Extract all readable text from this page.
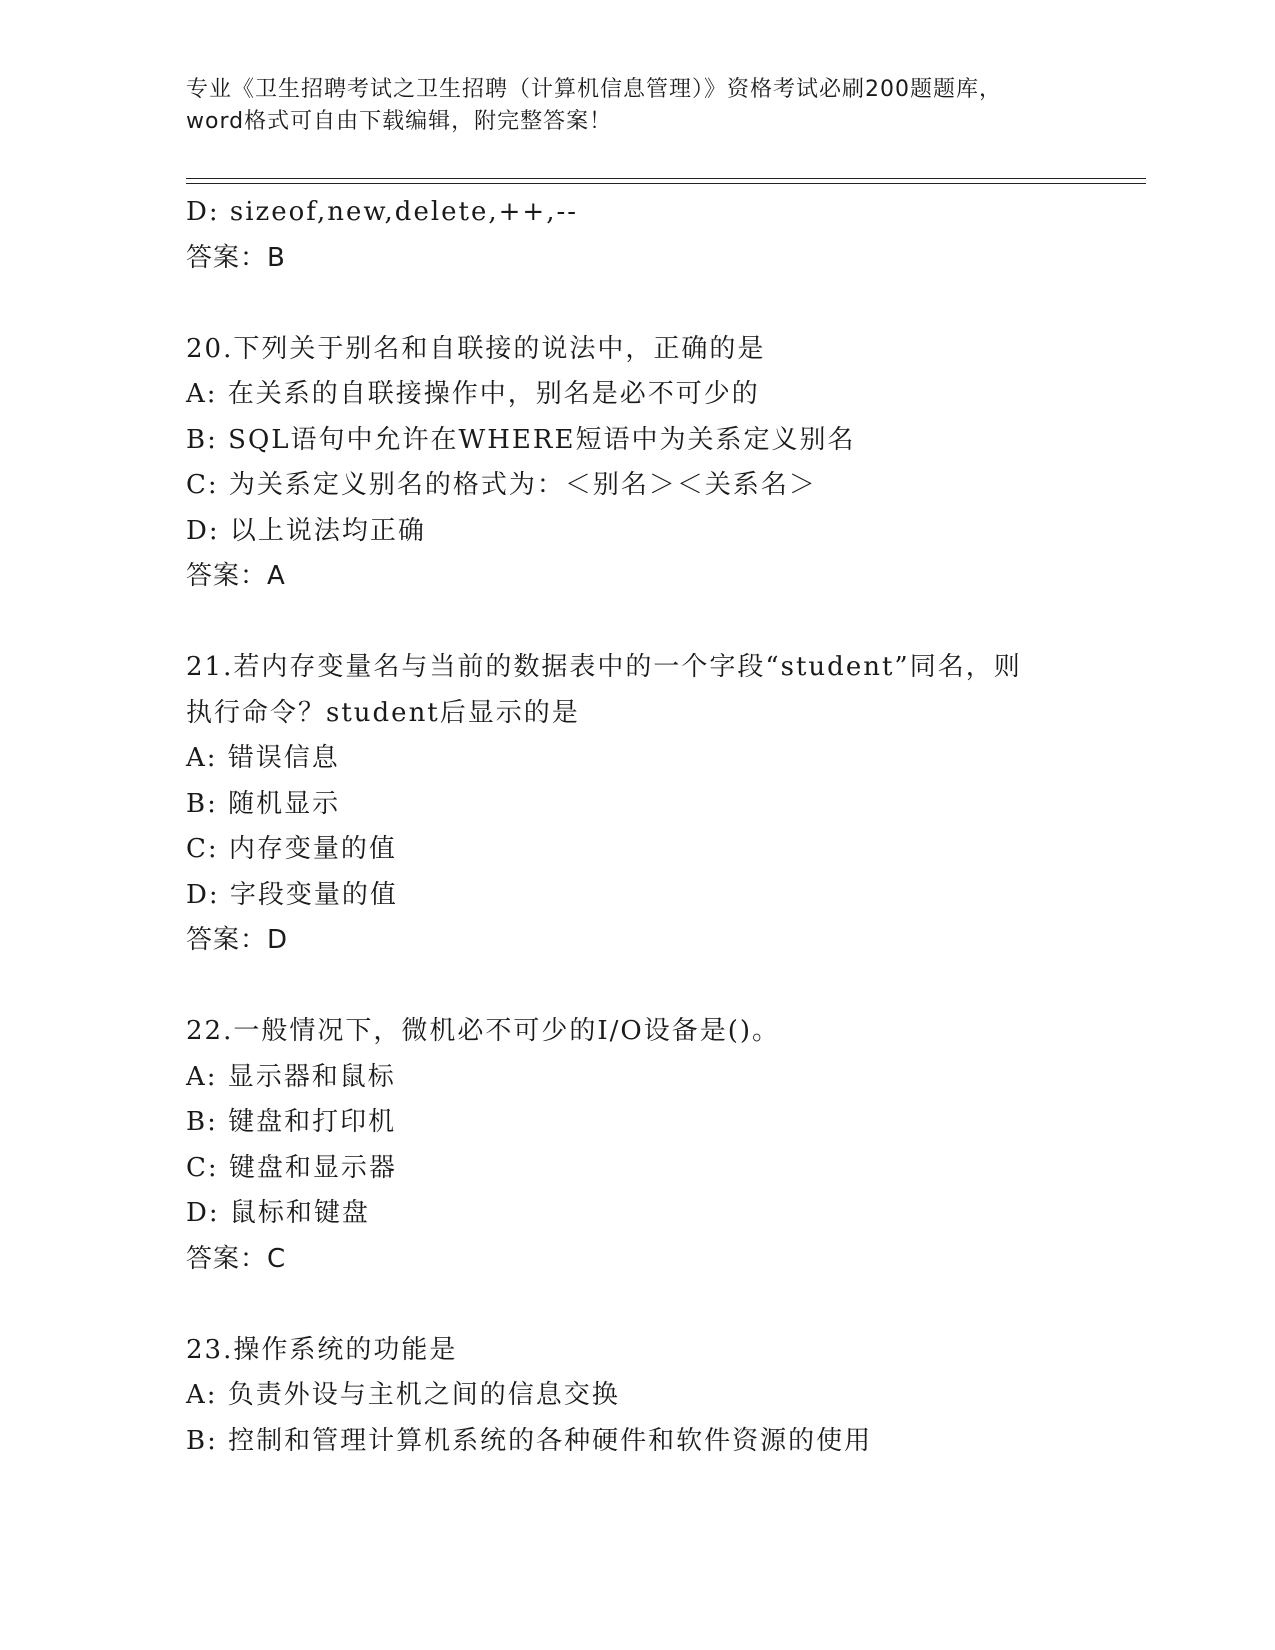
专业《卫生招聘考试之卫生招聘（计算机信息管理）》资格考试必刷200题题库，
word格式可自由下载编辑，附完整答案！
D: sizeof,new,delete,++,--
答案：B
20.下列关于别名和自联接的说法中，正确的是
A: 在关系的自联接操作中，别名是必不可少的
B: SQL语句中允许在WHERE短语中为关系定义别名
C: 为关系定义别名的格式为：＜别名＞＜关系名＞
D: 以上说法均正确
答案：A
21.若内存变量名与当前的数据表中的一个字段“student”同名，则
执行命令？student后显示的是
A: 错误信息
B: 随机显示
C: 内存变量的值
D: 字段变量的值
答案：D
22.一般情况下，微机必不可少的I/O设备是()。
A: 显示器和鼠标
B: 键盘和打印机
C: 键盘和显示器
D: 鼠标和键盘
答案：C
23.操作系统的功能是
A: 负责外设与主机之间的信息交换
B: 控制和管理计算机系统的各种硬件和软件资源的使用
